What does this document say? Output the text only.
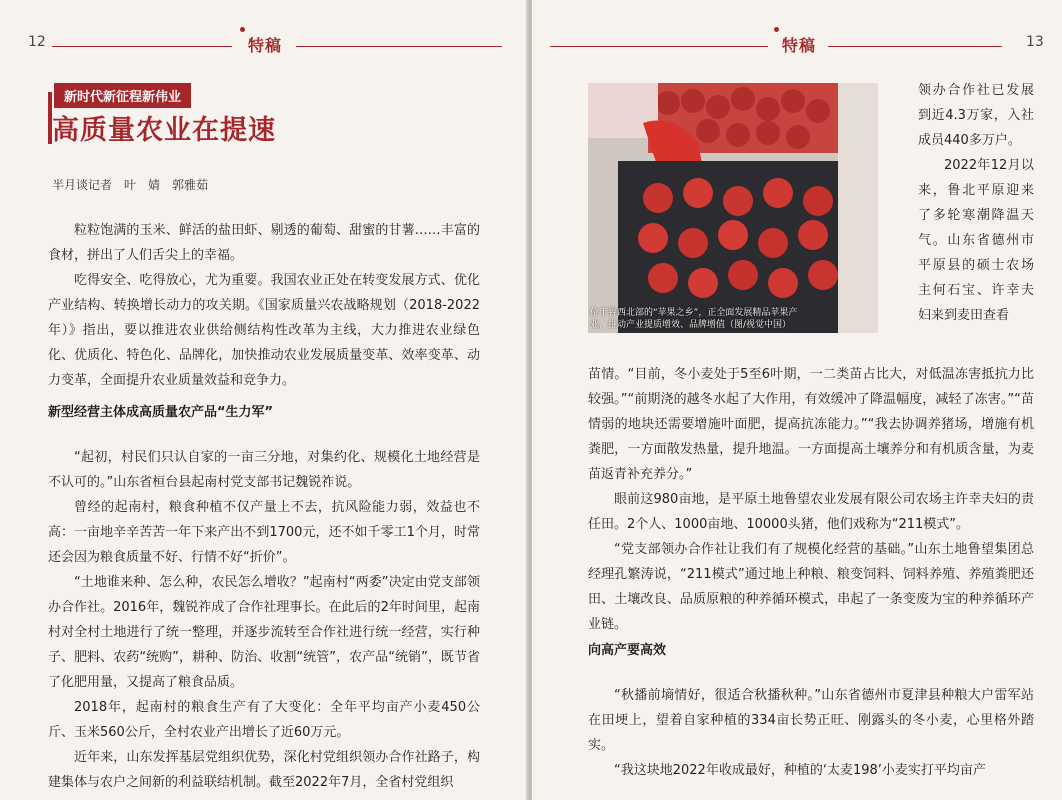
12	特稿
新时代新征程新伟业
高质量农业在提速
半月谈记者　叶　婧　郭雅茹

粒粒饱满的玉米、鲜活的盐田虾、剔透的葡萄、甜蜜的甘薯……丰富的食材，拼出了人们舌尖上的幸福。

吃得安全、吃得放心，尤为重要。我国农业正处在转变发展方式、优化产业结构、转换增长动力的攻关期。《国家质量兴农战略规划（2018-2022年）》指出，要以推进农业供给侧结构性改革为主线，大力推进农业绿色化、优质化、特色化、品牌化，加快推动农业发展质量变革、效率变革、动力变革，全面提升农业质量效益和竞争力。

新型经营主体成高质量农产品“生力军”

“起初，村民们只认自家的一亩三分地，对集约化、规模化土地经营是不认可的。”山东省桓台县起南村党支部书记魏锐祚说。

曾经的起南村，粮食种植不仅产量上不去，抗风险能力弱，效益也不高：一亩地辛辛苦苦一年下来产出不到1700元，还不如千零工1个月，时常还会因为粮食质量不好、行情不好“折价”。

“土地谁来种、怎么种，农民怎么增收？”起南村“两委”决定由党支部领办合作社。2016年，魏锐祚成了合作社理事长。在此后的2年时间里，起南村对全村土地进行了统一整理，并逐步流转至合作社进行统一经营，实行种子、肥料、农药“统购”，耕种、防治、收割“统管”，农产品“统销”，既节省了化肥用量，又提高了粮食品质。

2018年，起南村的粮食生产有了大变化：全年平均亩产小麦450公斤、玉米560公斤，全村农业产出增长了近60万元。

近年来，山东发挥基层党组织优势，深化村党组织领办合作社路子，构建集体与农户之间新的利益联结机制。截至2022年7月，全省村党组织

特稿	13
位于鲁西北部的“苹果之乡”，正全面发展精品苹果产业，推动产业提质增效、品牌增值（图/视觉中国）

领办合作社已发展到近4.3万家，入社成员440多万户。

2022年12月以来，鲁北平原迎来了多轮寒潮降温天气。山东省德州市平原县的硕士农场主何石宝、许幸夫妇来到麦田查看

苗情。“目前，冬小麦处于5至6叶期，一二类苗占比大，对低温冻害抵抗力比较强。”“前期浇的越冬水起了大作用，有效缓冲了降温幅度，减轻了冻害。”“苗情弱的地块还需要增施叶面肥，提高抗冻能力。”“我去协调养猪场，增施有机粪肥，一方面散发热量，提升地温。一方面提高土壤养分和有机质含量，为麦苗返青补充养分。”

眼前这980亩地，是平原土地鲁望农业发展有限公司农场主许幸夫妇的责任田。2个人、1000亩地、10000头猪，他们戏称为“211模式”。

“党支部领办合作社让我们有了规模化经营的基础。”山东土地鲁望集团总经理孔繁涛说，“211模式”通过地上种粮、粮变饲料、饲料养殖、养殖粪肥还田、土壤改良、品质原粮的种养循环模式，串起了一条变废为宝的种养循环产业链。

向高产要高效

“秋播前墒情好，很适合秋播秋种。”山东省德州市夏津县种粮大户雷军站在田埂上，望着自家种植的334亩长势正旺、刚露头的冬小麦，心里格外踏实。

“我这块地2022年收成最好，种植的‘太麦198’小麦实打平均亩产
